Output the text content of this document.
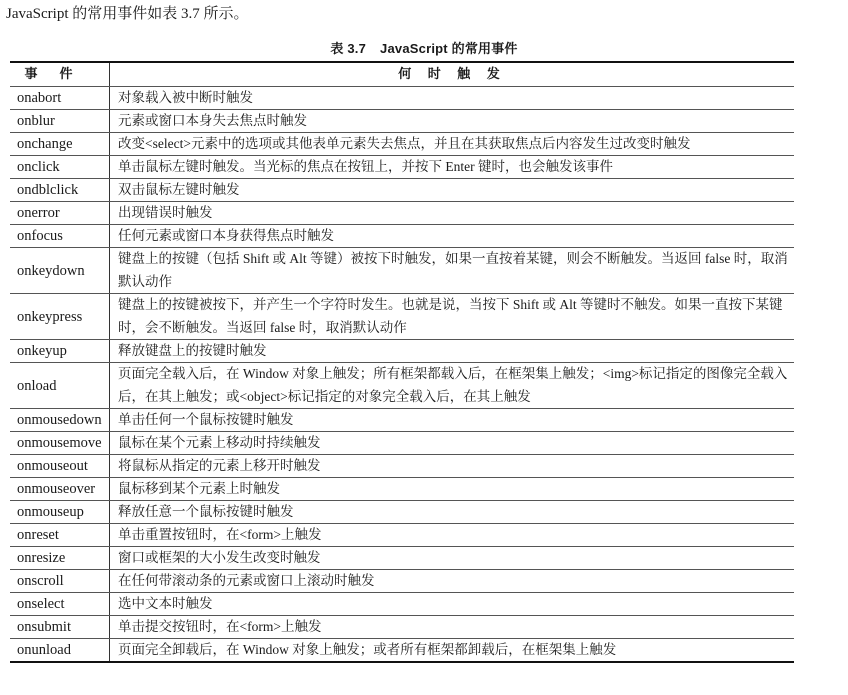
JavaScript 的常用事件如表 3.7 所示。
表 3.7 JavaScript 的常用事件
事件	何 时 触 发
onabort	对象载入被中断时触发
onblur	元素或窗口本身失去焦点时触发
onchange	改变<select>元素中的选项或其他表单元素失去焦点，并且在其获取焦点后内容发生过改变时触发
onclick	单击鼠标左键时触发。当光标的焦点在按钮上，并按下 Enter 键时，也会触发该事件
ondblclick	双击鼠标左键时触发
onerror	出现错误时触发
onfocus	任何元素或窗口本身获得焦点时触发
onkeydown	键盘上的按键（包括 Shift 或 Alt 等键）被按下时触发，如果一直按着某键，则会不断触发。当返回 false 时，取消默认动作
onkeypress	键盘上的按键被按下，并产生一个字符时发生。也就是说，当按下 Shift 或 Alt 等键时不触发。如果一直按下某键时，会不断触发。当返回 false 时，取消默认动作
onkeyup	释放键盘上的按键时触发
onload	页面完全载入后，在 Window 对象上触发；所有框架都载入后，在框架集上触发；<img>标记指定的图像完全载入后，在其上触发；或<object>标记指定的对象完全载入后，在其上触发
onmousedown	单击任何一个鼠标按键时触发
onmousemove	鼠标在某个元素上移动时持续触发
onmouseout	将鼠标从指定的元素上移开时触发
onmouseover	鼠标移到某个元素上时触发
onmouseup	释放任意一个鼠标按键时触发
onreset	单击重置按钮时，在<form>上触发
onresize	窗口或框架的大小发生改变时触发
onscroll	在任何带滚动条的元素或窗口上滚动时触发
onselect	选中文本时触发
onsubmit	单击提交按钮时，在<form>上触发
onunload	页面完全卸载后，在 Window 对象上触发；或者所有框架都卸载后，在框架集上触发
